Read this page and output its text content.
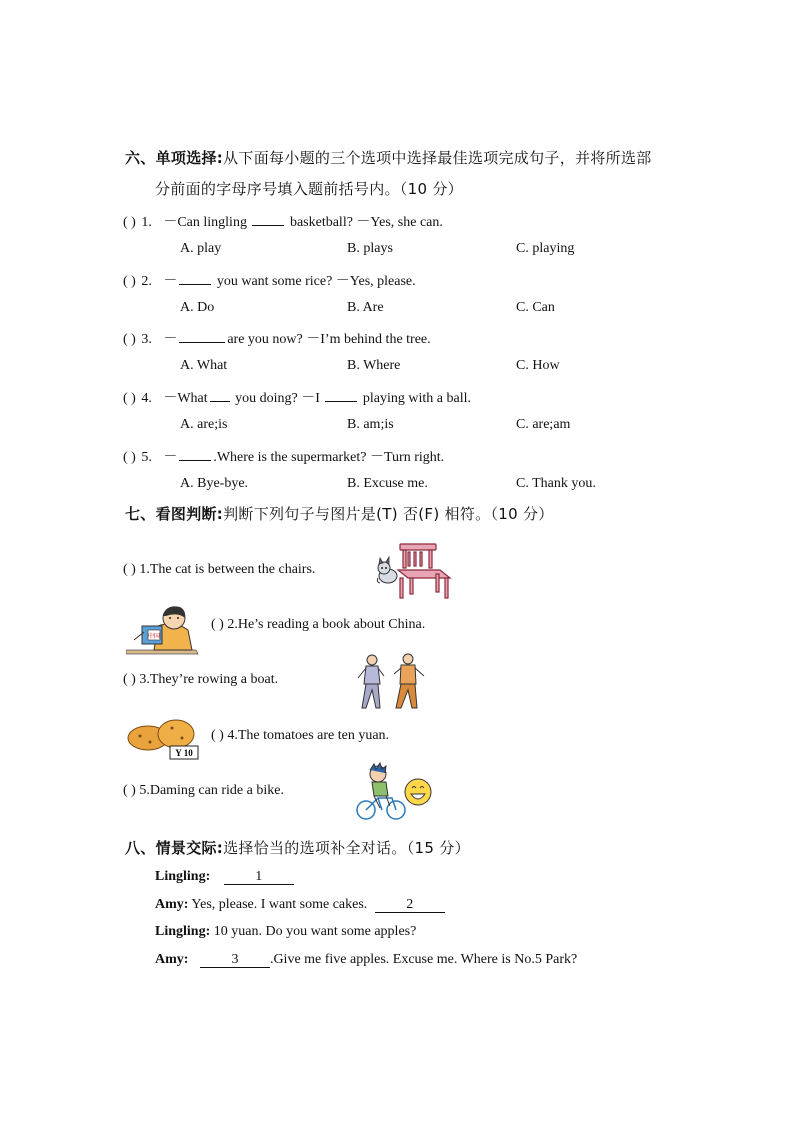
六、单项选择:从下面每小题的三个选项中选择最佳选项完成句子，并将所选部
分前面的字母序号填入题前括号内。（10 分）
( ) 1. －Can lingling	basketball? －Yes, she can.
A. play	B. plays	C. playing
( ) 2. －	you want some rice? －Yes, please.
A. Do	B. Are	C. Can
( ) 3. －	are you now? －I’m behind the tree.
A. What	B. Where	C. How
( ) 4. －What you doing? －I	playing with a ball.
A. are;is	B. am;is	C. are;am
( ) 5. －	.Where is the supermarket? －Turn right.
A. Bye-bye.	B. Excuse me.	C. Thank you.
七、看图判断:判断下列句子与图片是(T) 否(F) 相符。（10 分）
( ) 1.The cat is between the chairs.
中国
( ) 2.He’s reading a book about China.
( ) 3.They’re rowing a boat.
Y 10
( ) 4.The tomatoes are ten yuan.
( ) 5.Daming can ride a bike.
八、情景交际:选择恰当的选项补全对话。（15 分）
Lingling:	1
Amy: Yes, please. I want some cakes.	2
Lingling: 10 yuan. Do you want some apples?
Amy:	3 .Give me five apples. Excuse me. Where is No.5 Park?
